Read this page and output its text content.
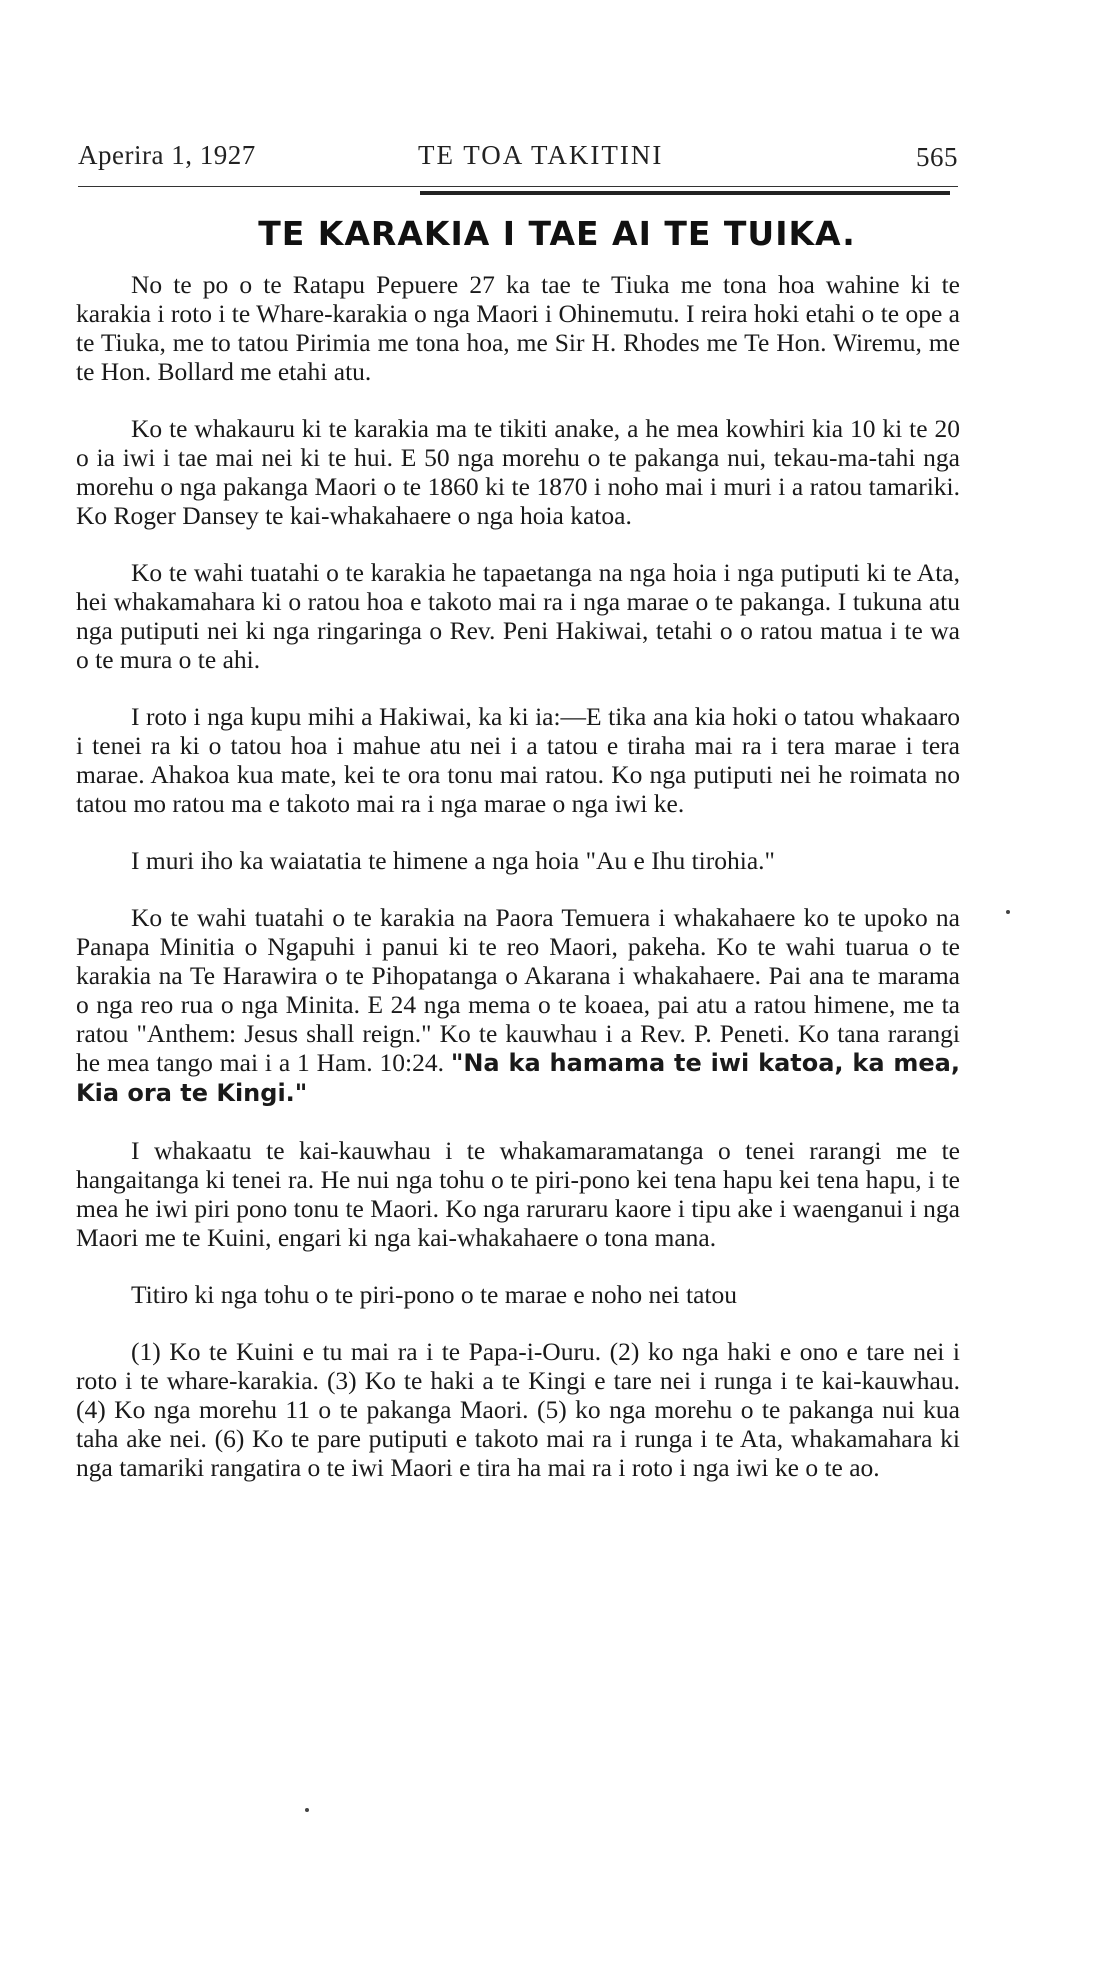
Aperira 1, 1927	TE TOA TAKITINI	565
TE KARAKIA I TAE AI TE TUIKA.

No te po o te Ratapu Pepuere 27 ka tae te Tiuka me tona hoa wahine ki te karakia i roto i te Whare-karakia o nga Maori i Ohinemutu. I reira hoki etahi o te ope a te Tiuka, me to tatou Pirimia me tona hoa, me Sir H. Rhodes me Te Hon. Wiremu, me te Hon. Bollard me etahi atu.

Ko te whakauru ki te karakia ma te tikiti anake, a he mea kowhiri kia 10 ki te 20 o ia iwi i tae mai nei ki te hui. E 50 nga morehu o te pakanga nui, tekau-ma-tahi nga morehu o nga pakanga Maori o te 1860 ki te 1870 i noho mai i muri i a ratou tamariki. Ko Roger Dansey te kai-whakahaere o nga hoia katoa.

Ko te wahi tuatahi o te karakia he tapaetanga na nga hoia i nga putiputi ki te Ata, hei whakamahara ki o ratou hoa e takoto mai ra i nga marae o te pakanga. I tukuna atu nga putiputi nei ki nga ringaringa o Rev. Peni Hakiwai, tetahi o o ratou matua i te wa o te mura o te ahi.

I roto i nga kupu mihi a Hakiwai, ka ki ia:—E tika ana kia hoki o tatou whakaaro i tenei ra ki o tatou hoa i mahue atu nei i a tatou e tiraha mai ra i tera marae i tera marae. Ahakoa kua mate, kei te ora tonu mai ratou. Ko nga putiputi nei he roimata no tatou mo ratou ma e takoto mai ra i nga marae o nga iwi ke.

I muri iho ka waiatatia te himene a nga hoia "Au e Ihu tirohia."

Ko te wahi tuatahi o te karakia na Paora Temuera i whakahaere ko te upoko na Panapa Minitia o Ngapuhi i panui ki te reo Maori, pakeha. Ko te wahi tuarua o te karakia na Te Harawira o te Pihopatanga o Akarana i whakahaere. Pai ana te marama o nga reo rua o nga Minita. E 24 nga mema o te koaea, pai atu a ratou himene, me ta ratou "Anthem: Jesus shall reign." Ko te kauwhau i a Rev. P. Peneti. Ko tana rarangi he mea tango mai i a 1 Ham. 10:24. "Na ka hamama te iwi katoa, ka mea, Kia ora te Kingi."

I whakaatu te kai-kauwhau i te whakamaramatanga o tenei rarangi me te hangaitanga ki tenei ra. He nui nga tohu o te piri-pono kei tena hapu kei tena hapu, i te mea he iwi piri pono tonu te Maori. Ko nga raruraru kaore i tipu ake i waenganui i nga Maori me te Kuini, engari ki nga kai-whakahaere o tona mana.

Titiro ki nga tohu o te piri-pono o te marae e noho nei tatou

(1) Ko te Kuini e tu mai ra i te Papa-i-Ouru. (2) ko nga haki e ono e tare nei i roto i te whare-karakia. (3) Ko te haki a te Kingi e tare nei i runga i te kai-kauwhau. (4) Ko nga morehu 11 o te pakanga Maori. (5) ko nga morehu o te pakanga nui kua taha ake nei. (6) Ko te pare putiputi e takoto mai ra i runga i te Ata, whakamahara ki nga tamariki rangatira o te iwi Maori e tira ha mai ra i roto i nga iwi ke o te ao.
